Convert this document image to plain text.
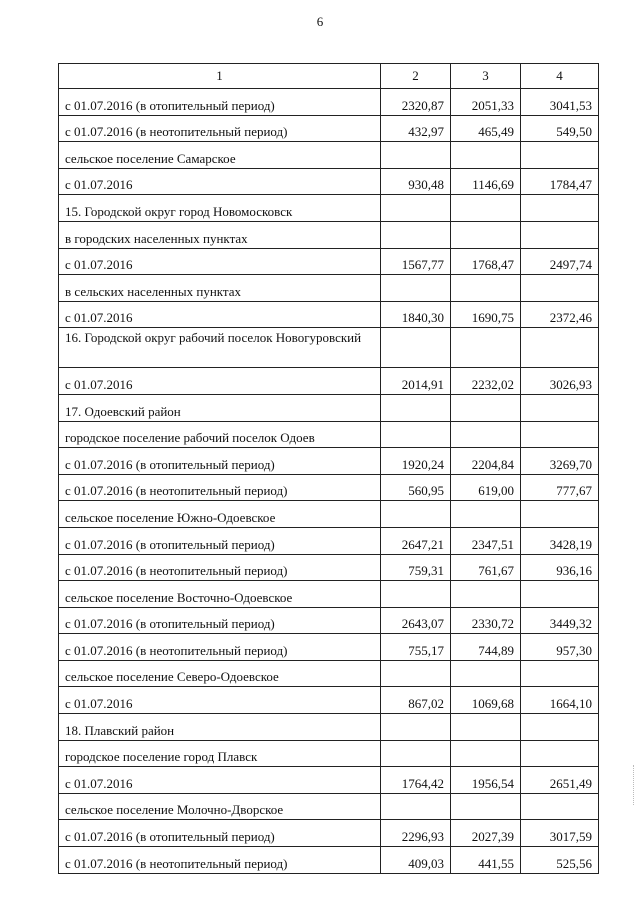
6
1	2	3	4
с 01.07.2016 (в отопительный период)	2320,87	2051,33	3041,53
с 01.07.2016 (в неотопительный период)	432,97	465,49	549,50
сельское поселение Самарское			
с 01.07.2016	930,48	1146,69	1784,47
15. Городской округ город Новомосковск			
в городских населенных пунктах			
с 01.07.2016	1567,77	1768,47	2497,74
в сельских населенных пунктах			
с 01.07.2016	1840,30	1690,75	2372,46
16. Городской округ рабочий поселок Новогуровский			
с 01.07.2016	2014,91	2232,02	3026,93
17. Одоевский район			
городское поселение рабочий поселок Одоев			
с 01.07.2016 (в отопительный период)	1920,24	2204,84	3269,70
с 01.07.2016 (в неотопительный период)	560,95	619,00	777,67
сельское поселение Южно-Одоевское			
с 01.07.2016 (в отопительный период)	2647,21	2347,51	3428,19
с 01.07.2016 (в неотопительный период)	759,31	761,67	936,16
сельское поселение Восточно-Одоевское			
с 01.07.2016 (в отопительный период)	2643,07	2330,72	3449,32
с 01.07.2016 (в неотопительный период)	755,17	744,89	957,30
сельское поселение Северо-Одоевское			
с 01.07.2016	867,02	1069,68	1664,10
18. Плавский район			
городское поселение город Плавск			
с 01.07.2016	1764,42	1956,54	2651,49
сельское поселение Молочно-Дворское			
с 01.07.2016 (в отопительный период)	2296,93	2027,39	3017,59
с 01.07.2016 (в неотопительный период)	409,03	441,55	525,56
